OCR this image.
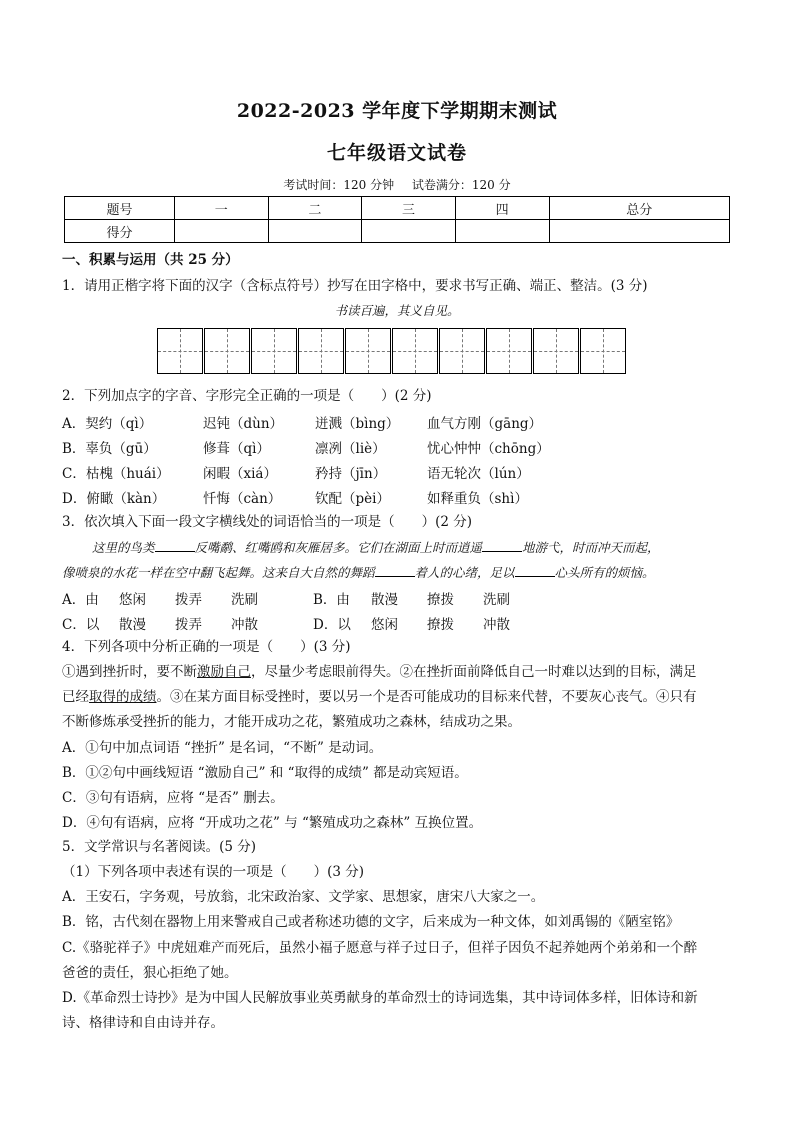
2022-2023 学年度下学期期末测试
七年级语文试卷
考试时间：120 分钟 试卷满分：120 分
题号	一	二	三	四	总分
得分					
一、积累与运用（共 25 分）
1．请用正楷字将下面的汉字（含标点符号）抄写在田字格中，要求书写正确、端正、整洁。(3 分)
书读百遍，其义自见。
2．下列加点字的字音、字形完全正确的一项是（　　）(2 分)
A．契约（qì）	迟钝（dùn） 迸溅（bìng） 血气方刚（gāng）
B．辜负（gū）	修葺（qì）	凛冽（liè）	忧心忡忡（chōng）
C．枯槐（huái） 闲暇（xiá）	矜持（jīn）	语无轮次（lún）
D．俯瞰（kàn）	忏悔（càn） 钦配（pèi）	如释重负（shì）
3．依次填入下面一段文字横线处的词语恰当的一项是（　　）(2 分)
这里的鸟类	反嘴鹬、红嘴鸥和灰雁居多。它们在湖面上时而逍遥	地游弋，时而冲天而起，
像喷泉的水花一样在空中翻飞起舞。这来自大自然的舞蹈	着人的心绪，足以	心头所有的烦恼。
A．由 悠闲 拨弄 洗刷	B．由 散漫 撩拨 洗刷
C．以 散漫 拨弄 冲散	D．以 悠闲 撩拨 冲散
4．下列各项中分析正确的一项是（　　）(3 分)
①遇到挫折时，要不断激励自己，尽量少考虑眼前得失。②在挫折面前降低自己一时难以达到的目标，满足
已经取得的成绩。③在某方面目标受挫时，要以另一个是否可能成功的目标来代替，不要灰心丧气。④只有
不断修炼承受挫折的能力，才能开成功之花，繁殖成功之森林，结成功之果。
A．①句中加点词语 “挫折” 是名词，“不断” 是动词。
B．①②句中画线短语 “激励自己” 和 “取得的成绩” 都是动宾短语。
C．③句有语病，应将 “是否” 删去。
D．④句有语病，应将 “开成功之花” 与 “繁殖成功之森林” 互换位置。
5．文学常识与名著阅读。(5 分)
（1）下列各项中表述有误的一项是（　　）(3 分)
A．王安石，字务观，号放翁，北宋政治家、文学家、思想家，唐宋八大家之一。
B．铭，古代刻在器物上用来警戒自己或者称述功德的文字，后来成为一种文体，如刘禹锡的《陋室铭》
C.《骆驼祥子》中虎妞难产而死后，虽然小福子愿意与祥子过日子，但祥子因负不起养她两个弟弟和一个醉
爸爸的责任，狠心拒绝了她。
D.《革命烈士诗抄》是为中国人民解放事业英勇献身的革命烈士的诗词选集，其中诗词体多样，旧体诗和新
诗、格律诗和自由诗并存。
